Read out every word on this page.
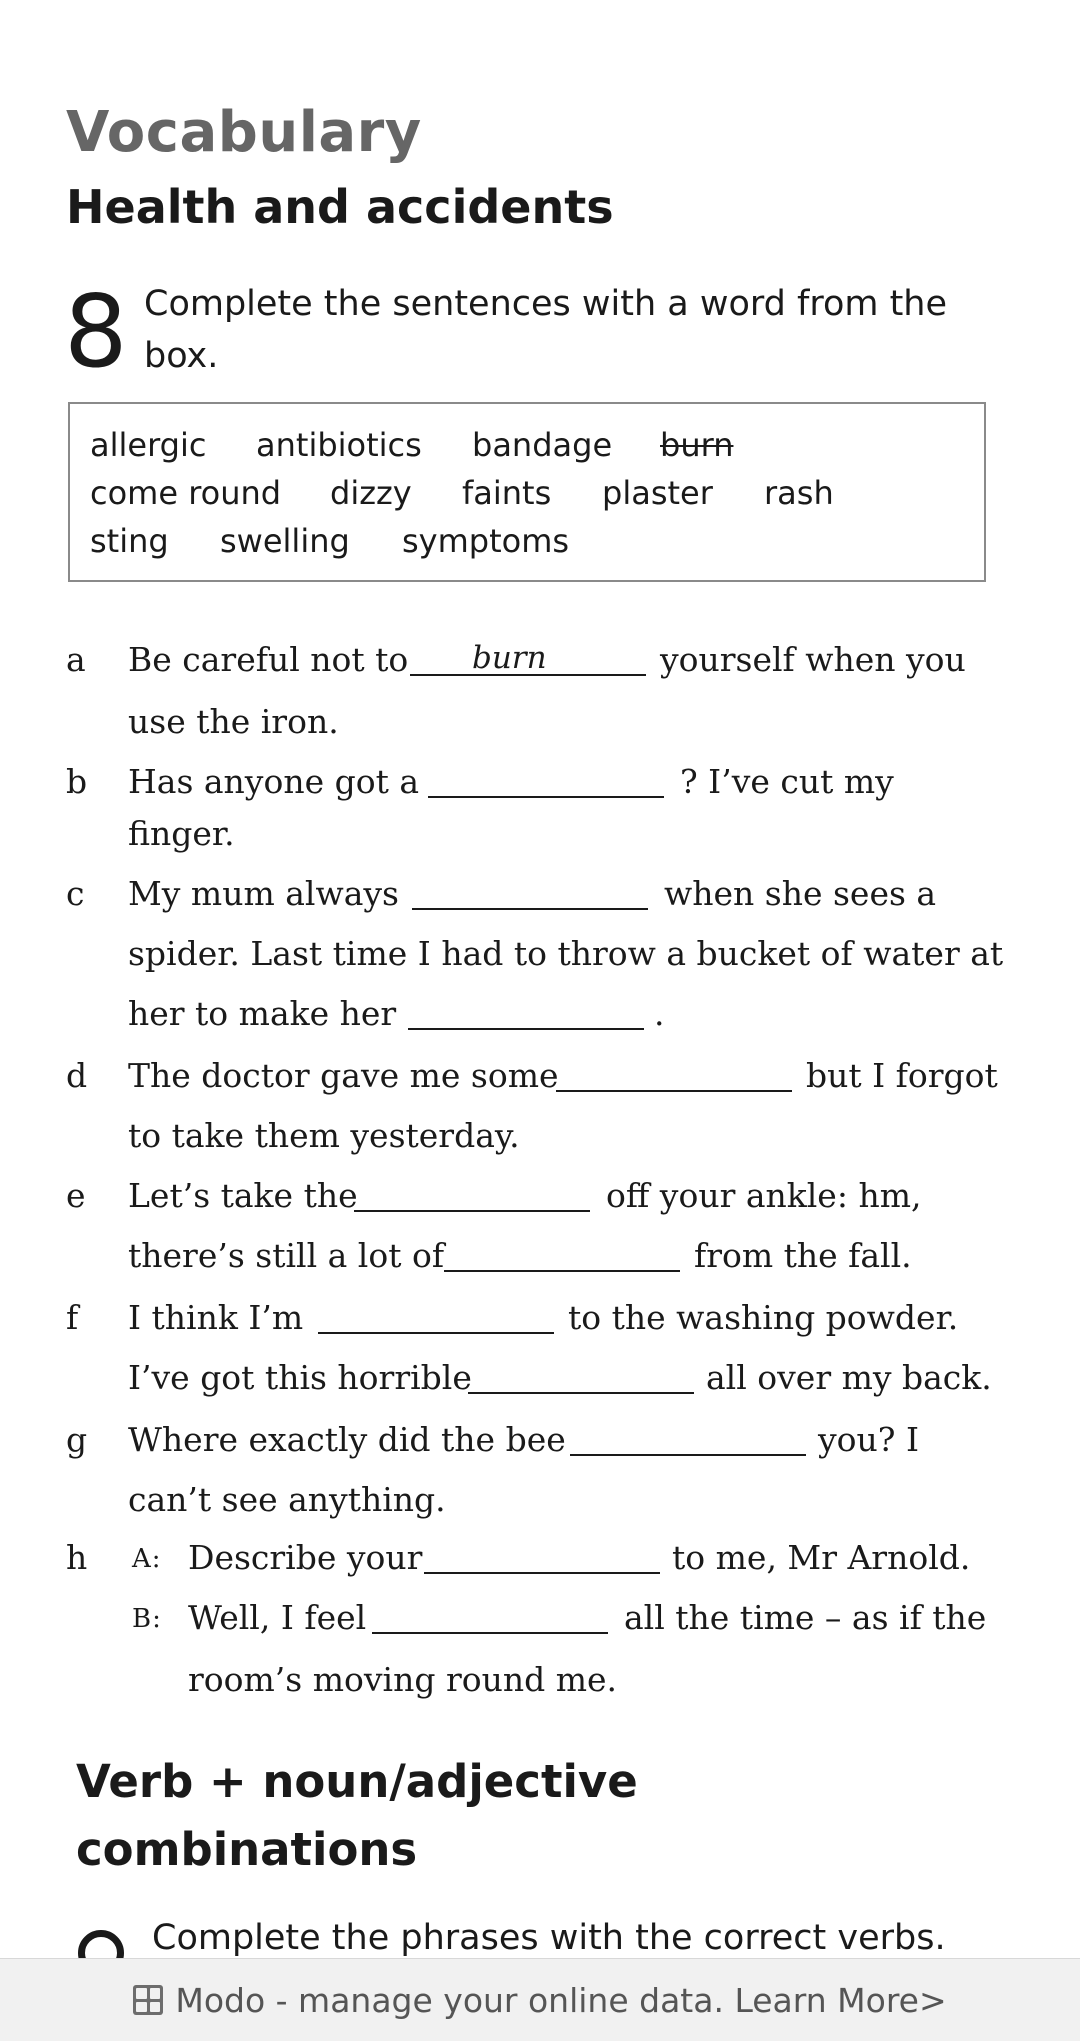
Vocabulary
Health and accidents
8 Complete the sentences with a word from the box.
allergic antibiotics bandage burn
come round dizzy faints plaster rash
sting swelling symptoms
a Be careful not to burn	yourself when you
use the iron.
b Has anyone got a	? I’ve cut my
finger.
c My mum always	when she sees a
spider. Last time I had to throw a bucket of water at
her to make her	.
d The doctor gave me some	but I forgot
to take them yesterday.
e Let’s take the	off your ankle: hm,
there’s still a lot of	from the fall.
f I think I’m	to the washing powder.
I’ve got this horrible	all over my back.
g Where exactly did the bee	you? I
can’t see anything.
h A: Describe your	to me, Mr Arnold.
B: Well, I feel	all the time – as if the
room’s moving round me.
Verb + noun/adjective combinations
Complete the phrases with the correct verbs.
Modo - manage your online data. Learn More>
